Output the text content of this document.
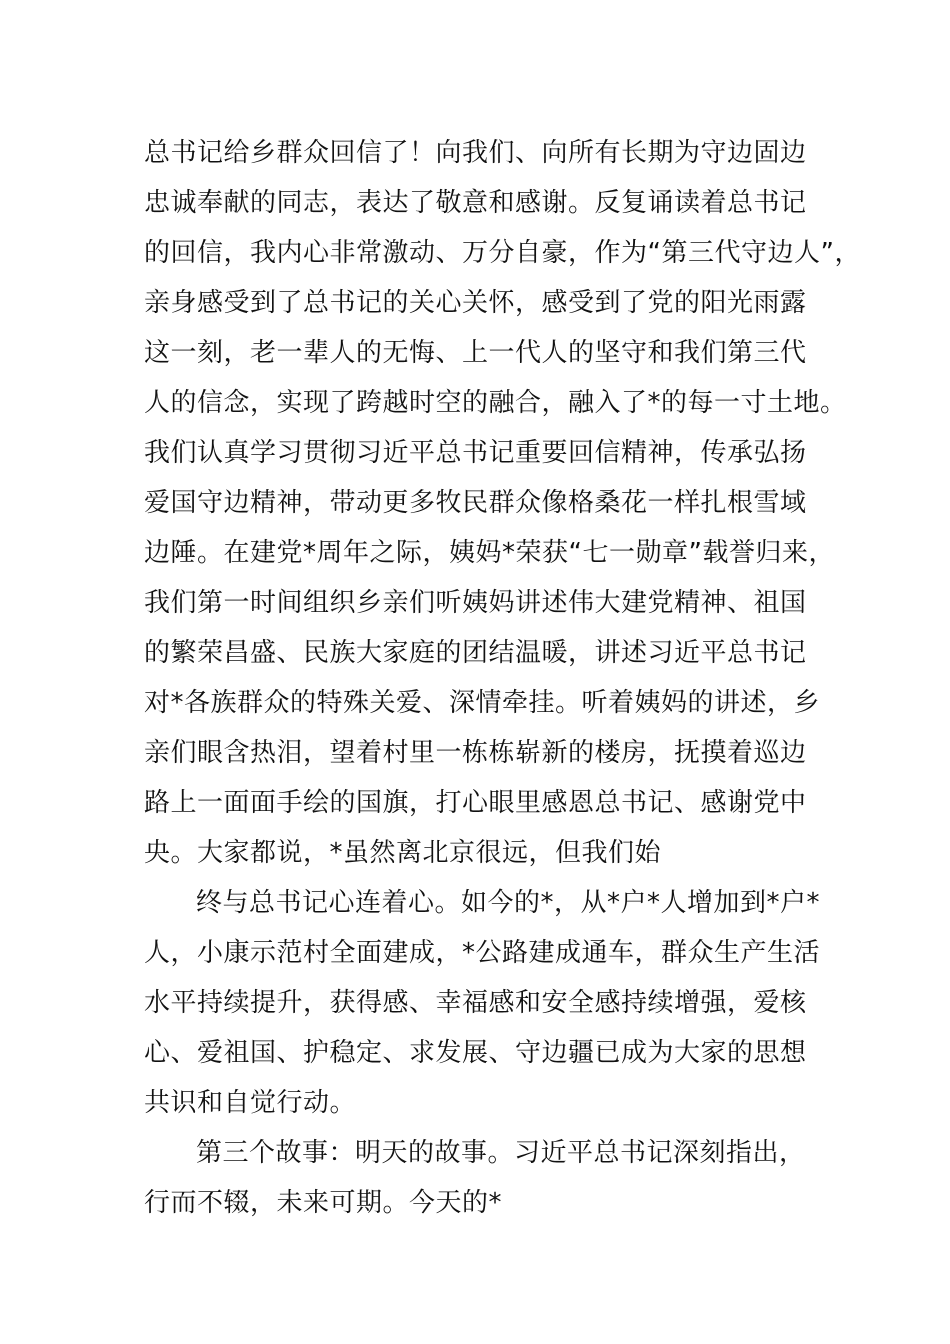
总书记给乡群众回信了！向我们、向所有长期为守边固边
忠诚奉献的同志，表达了敬意和感谢。反复诵读着总书记
的回信，我内心非常激动、万分自豪，作为“第三代守边人”，
亲身感受到了总书记的关心关怀，感受到了党的阳光雨露
这一刻，老一辈人的无悔、上一代人的坚守和我们第三代
人的信念，实现了跨越时空的融合，融入了*的每一寸土地。
我们认真学习贯彻习近平总书记重要回信精神，传承弘扬
爱国守边精神，带动更多牧民群众像格桑花一样扎根雪域
边陲。在建党*周年之际，姨妈*荣获“七一勋章”载誉归来，
我们第一时间组织乡亲们听姨妈讲述伟大建党精神、祖国
的繁荣昌盛、民族大家庭的团结温暖，讲述习近平总书记
对*各族群众的特殊关爱、深情牵挂。听着姨妈的讲述，乡
亲们眼含热泪，望着村里一栋栋崭新的楼房，抚摸着巡边
路上一面面手绘的国旗，打心眼里感恩总书记、感谢党中
央。大家都说，*虽然离北京很远，但我们始
终与总书记心连着心。如今的*，从*户*人增加到*户*
人，小康示范村全面建成，*公路建成通车，群众生产生活
水平持续提升，获得感、幸福感和安全感持续增强，爱核
心、爱祖国、护稳定、求发展、守边疆已成为大家的思想
共识和自觉行动。
第三个故事：明天的故事。习近平总书记深刻指出，
行而不辍，未来可期。今天的*
